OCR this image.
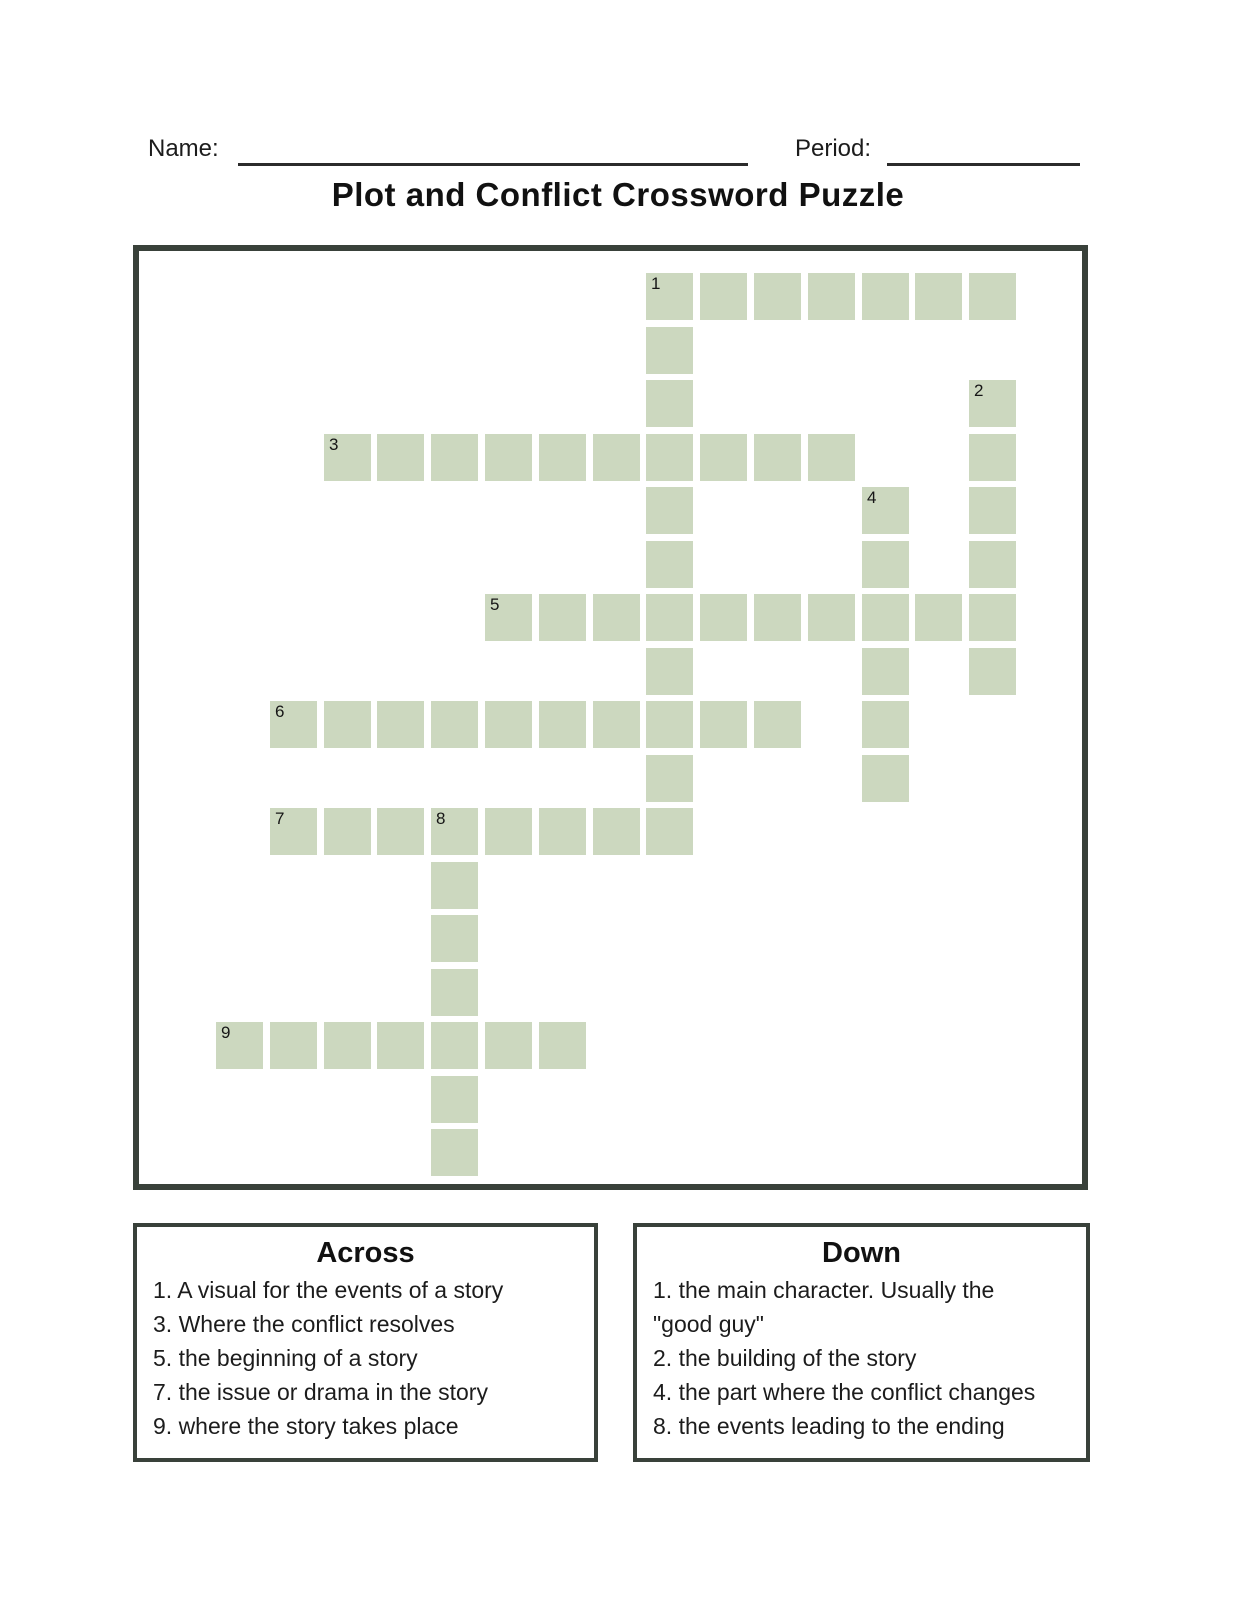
Name:	Period:
Plot and Conflict Crossword Puzzle
1
3
5
6
7	8
9
2
4
Across
1. A visual for the events of a story
3. Where the conflict resolves
5. the beginning of a story
7. the issue or drama in the story
9. where the story takes place
Down
1. the main character. Usually the "good guy"
2. the building of the story
4. the part where the conflict changes
8. the events leading to the ending
